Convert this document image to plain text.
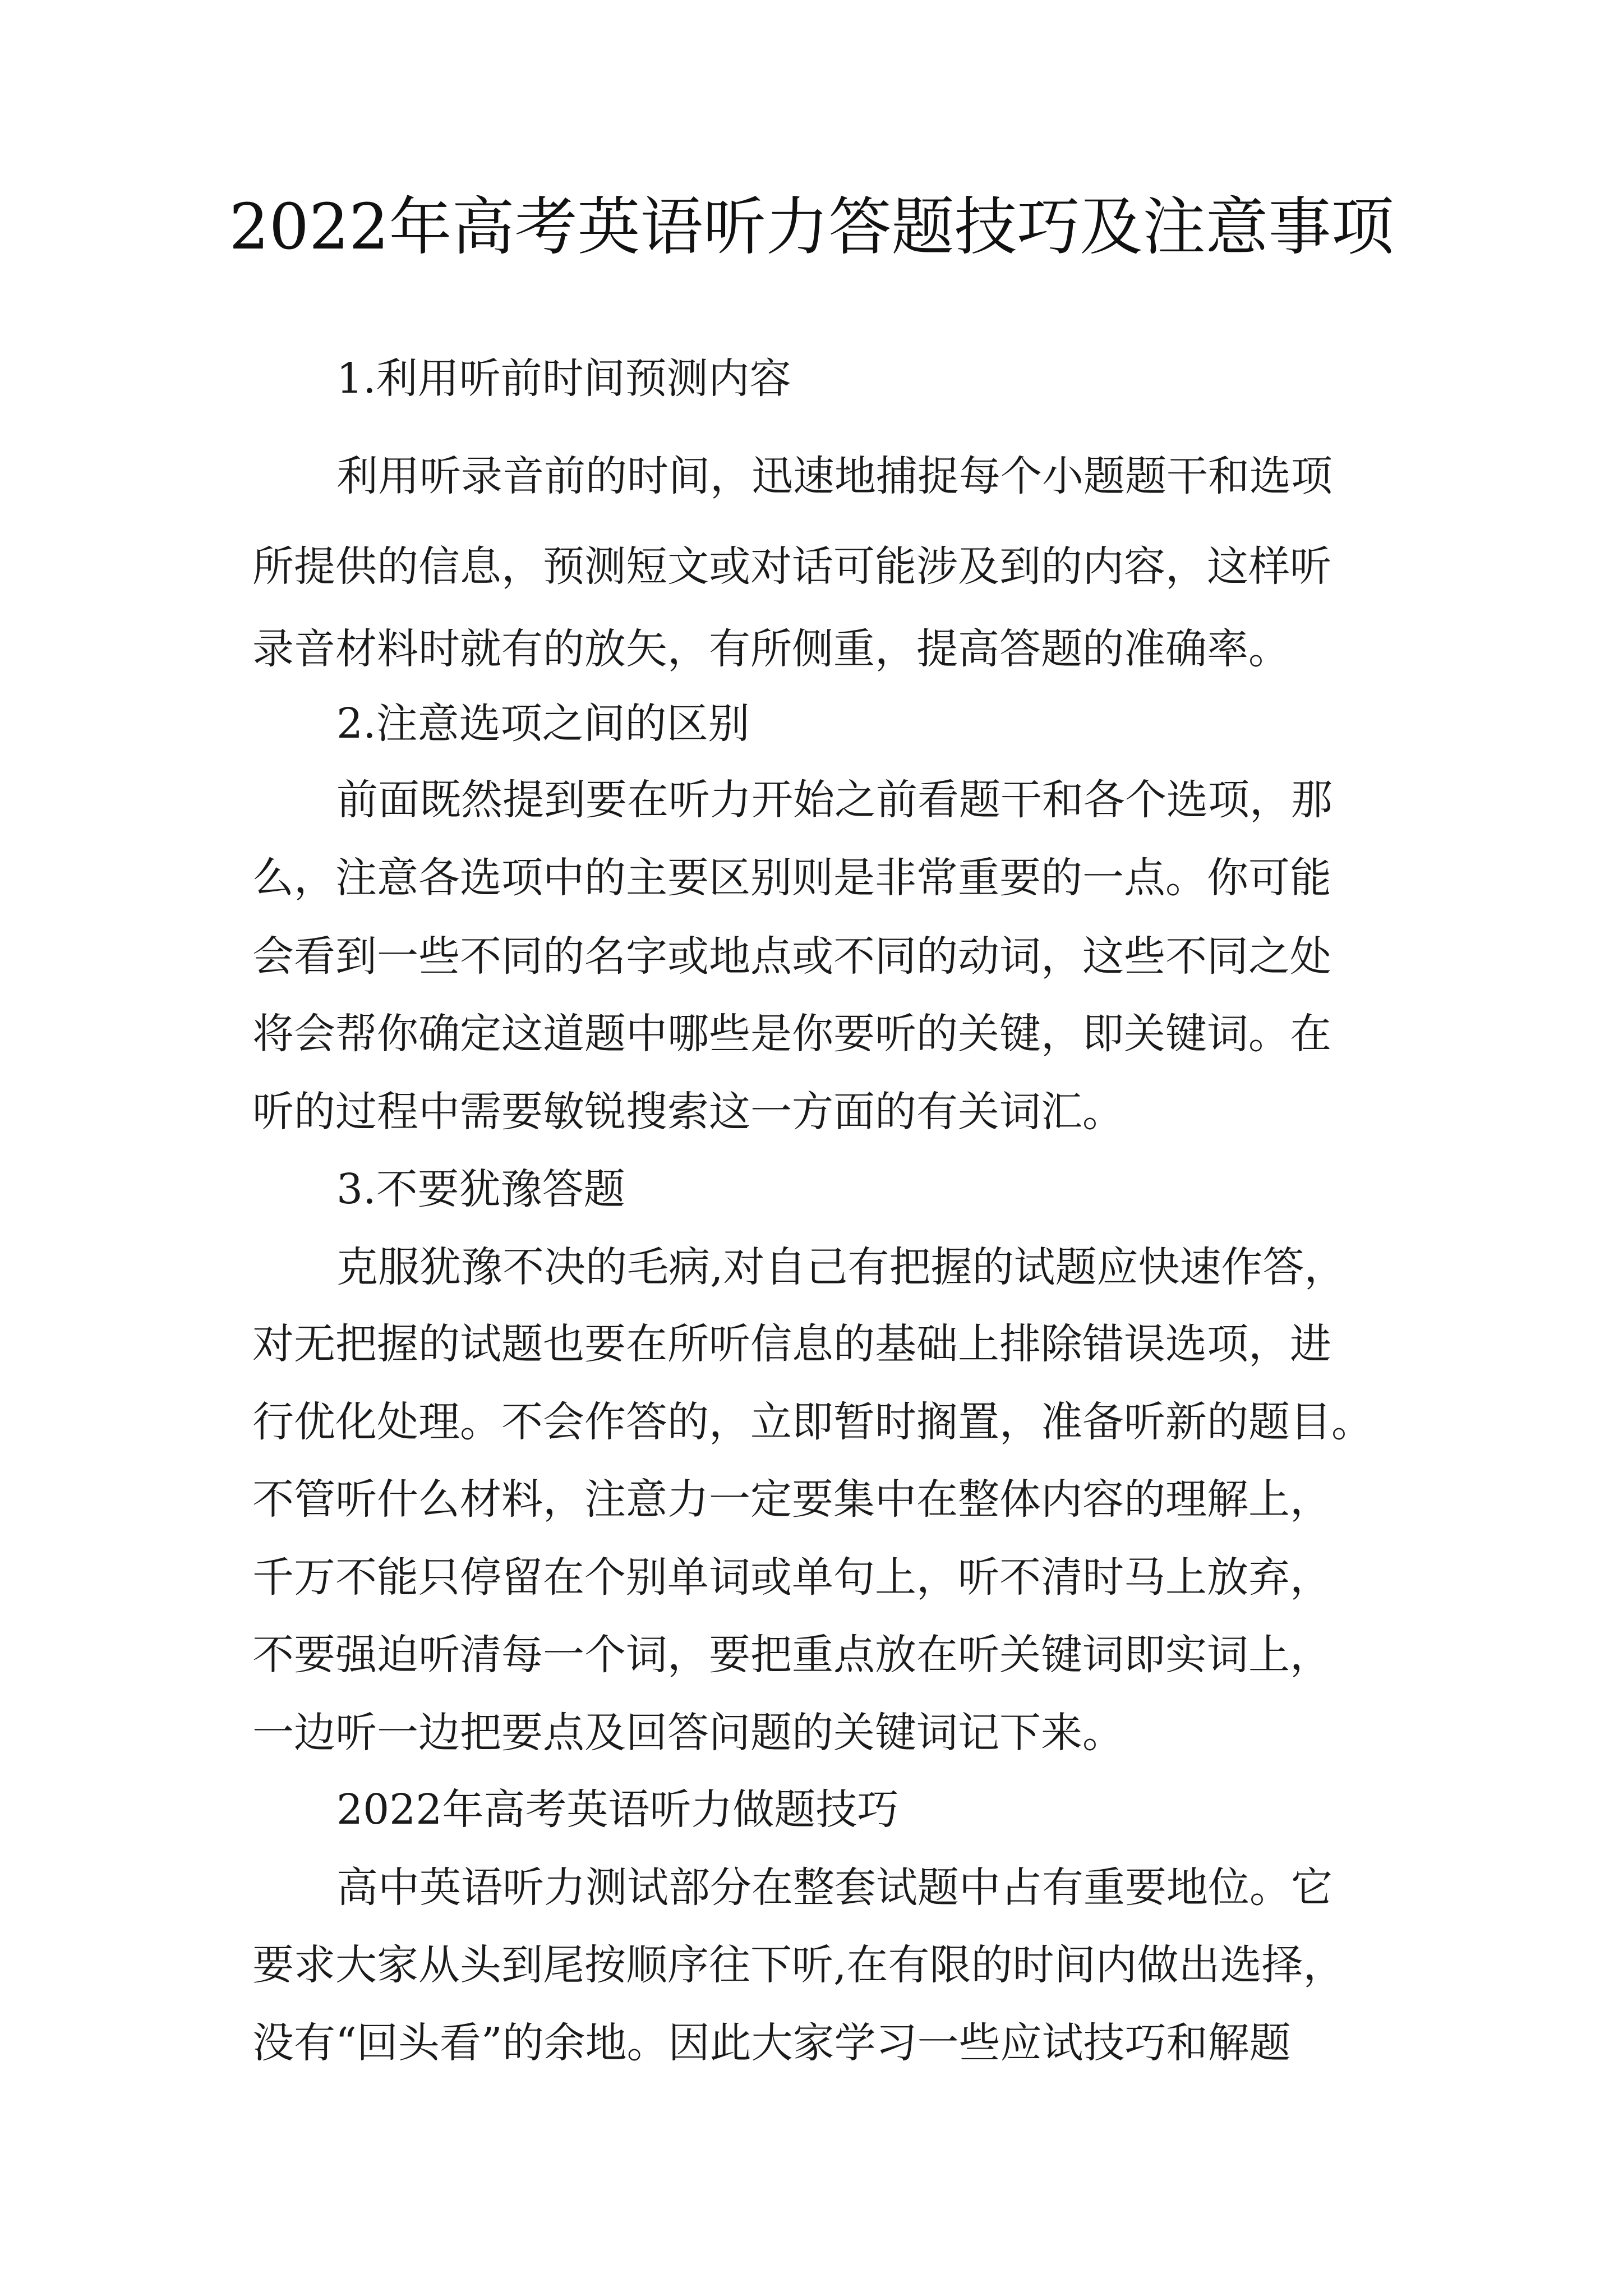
2022年高考英语听力答题技巧及注意事项
1.利用听前时间预测内容
利用听录音前的时间，迅速地捕捉每个小题题干和选项
所提供的信息，预测短文或对话可能涉及到的内容，这样听
录音材料时就有的放矢，有所侧重，提高答题的准确率。
2.注意选项之间的区别
前面既然提到要在听力开始之前看题干和各个选项，那
么，注意各选项中的主要区别则是非常重要的一点。你可能
会看到一些不同的名字或地点或不同的动词，这些不同之处
将会帮你确定这道题中哪些是你要听的关键，即关键词。在
听的过程中需要敏锐搜索这一方面的有关词汇。
3.不要犹豫答题
克服犹豫不决的毛病,对自己有把握的试题应快速作答，
对无把握的试题也要在所听信息的基础上排除错误选项，进
行优化处理。不会作答的，立即暂时搁置，准备听新的题目。
不管听什么材料，注意力一定要集中在整体内容的理解上，
千万不能只停留在个别单词或单句上，听不清时马上放弃，
不要强迫听清每一个词，要把重点放在听关键词即实词上，
一边听一边把要点及回答问题的关键词记下来。
2022年高考英语听力做题技巧
高中英语听力测试部分在整套试题中占有重要地位。它
要求大家从头到尾按顺序往下听,在有限的时间内做出选择，
没有“回头看”的余地。因此大家学习一些应试技巧和解题
